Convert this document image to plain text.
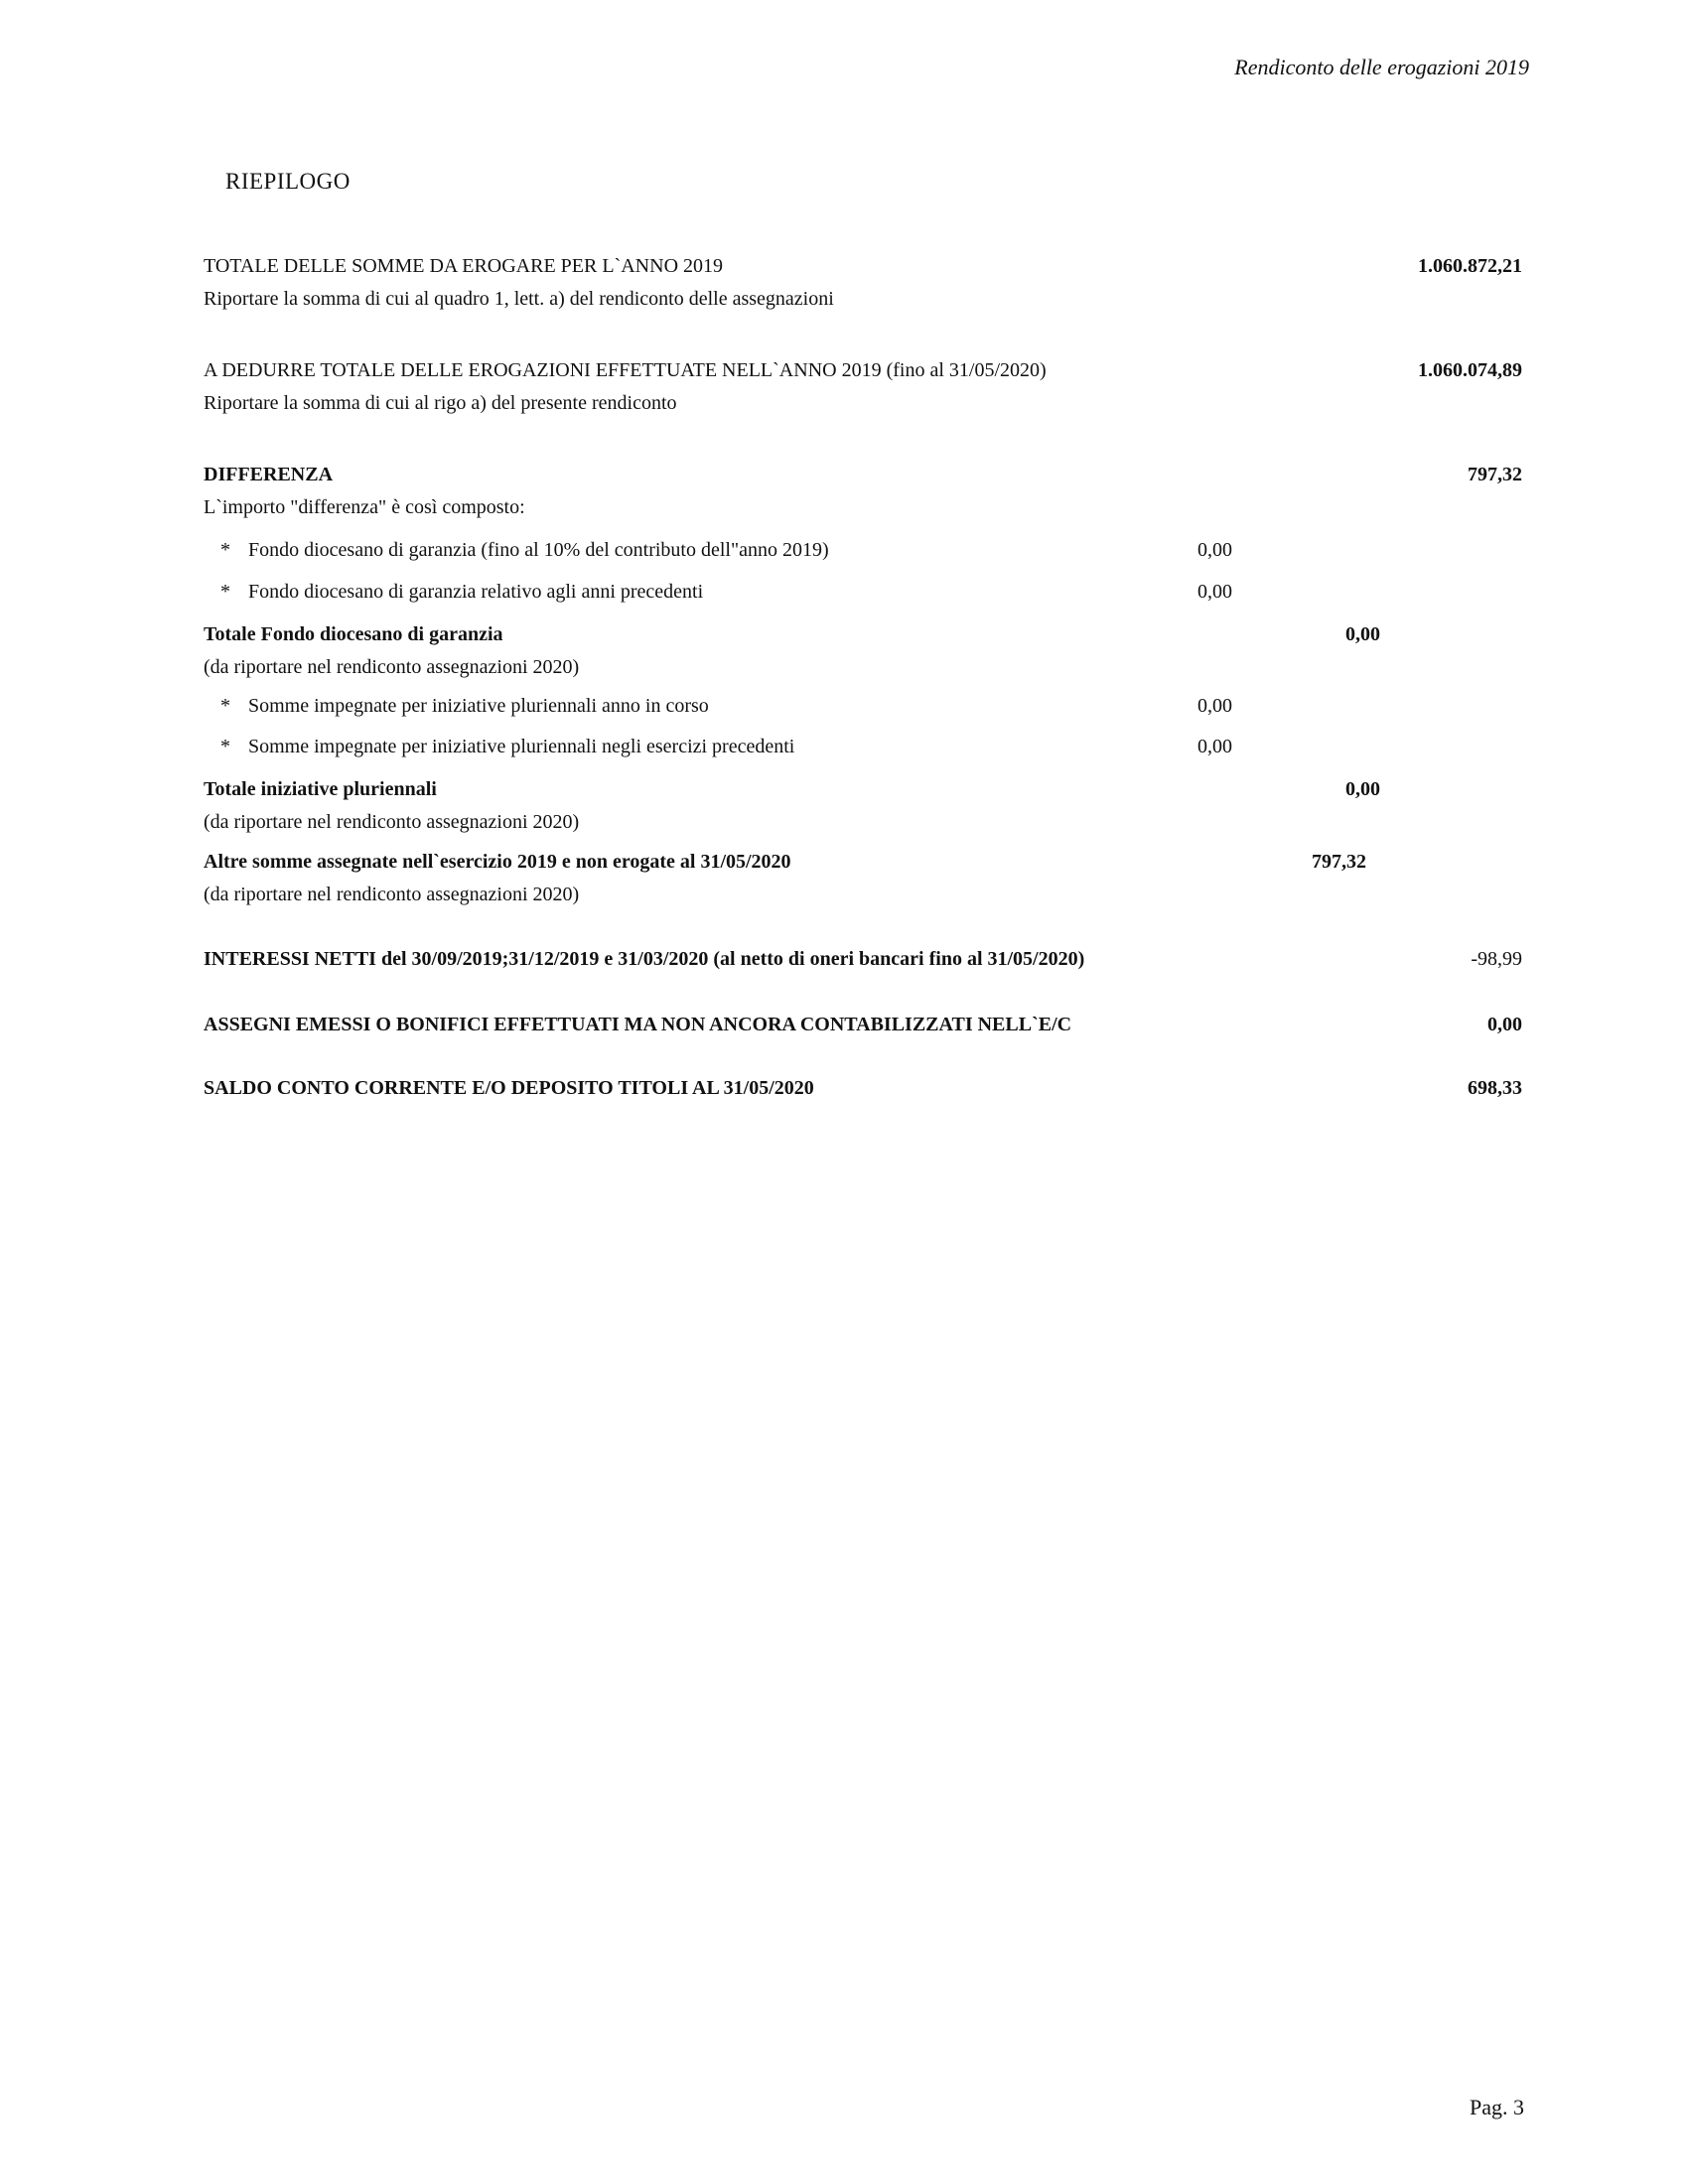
Rendiconto delle erogazioni 2019
RIEPILOGO
TOTALE DELLE SOMME DA EROGARE PER L`ANNO 2019	1.060.872,21
Riportare la somma di cui al quadro 1, lett. a) del rendiconto delle assegnazioni
A DEDURRE TOTALE DELLE EROGAZIONI EFFETTUATE NELL`ANNO 2019 (fino al 31/05/2020)	1.060.074,89
Riportare la somma di cui al rigo a) del presente rendiconto
DIFFERENZA	797,32
L`importo "differenza" è così composto:
* Fondo diocesano di garanzia (fino al 10% del contributo dell"anno 2019)	0,00
* Fondo diocesano di garanzia relativo agli anni precedenti	0,00
Totale Fondo diocesano di garanzia	0,00
(da riportare nel rendiconto assegnazioni 2020)
* Somme impegnate per iniziative pluriennali anno in corso	0,00
* Somme impegnate per iniziative pluriennali negli esercizi precedenti	0,00
Totale iniziative pluriennali	0,00
(da riportare nel rendiconto assegnazioni 2020)
Altre somme assegnate nell`esercizio 2019 e non erogate al 31/05/2020	797,32
(da riportare nel rendiconto assegnazioni 2020)
INTERESSI NETTI del 30/09/2019;31/12/2019 e 31/03/2020 (al netto di oneri bancari fino al 31/05/2020)	-98,99
ASSEGNI EMESSI O BONIFICI EFFETTUATI MA NON ANCORA CONTABILIZZATI NELL`E/C	0,00
SALDO CONTO CORRENTE E/O DEPOSITO TITOLI AL 31/05/2020	698,33
Pag. 3
